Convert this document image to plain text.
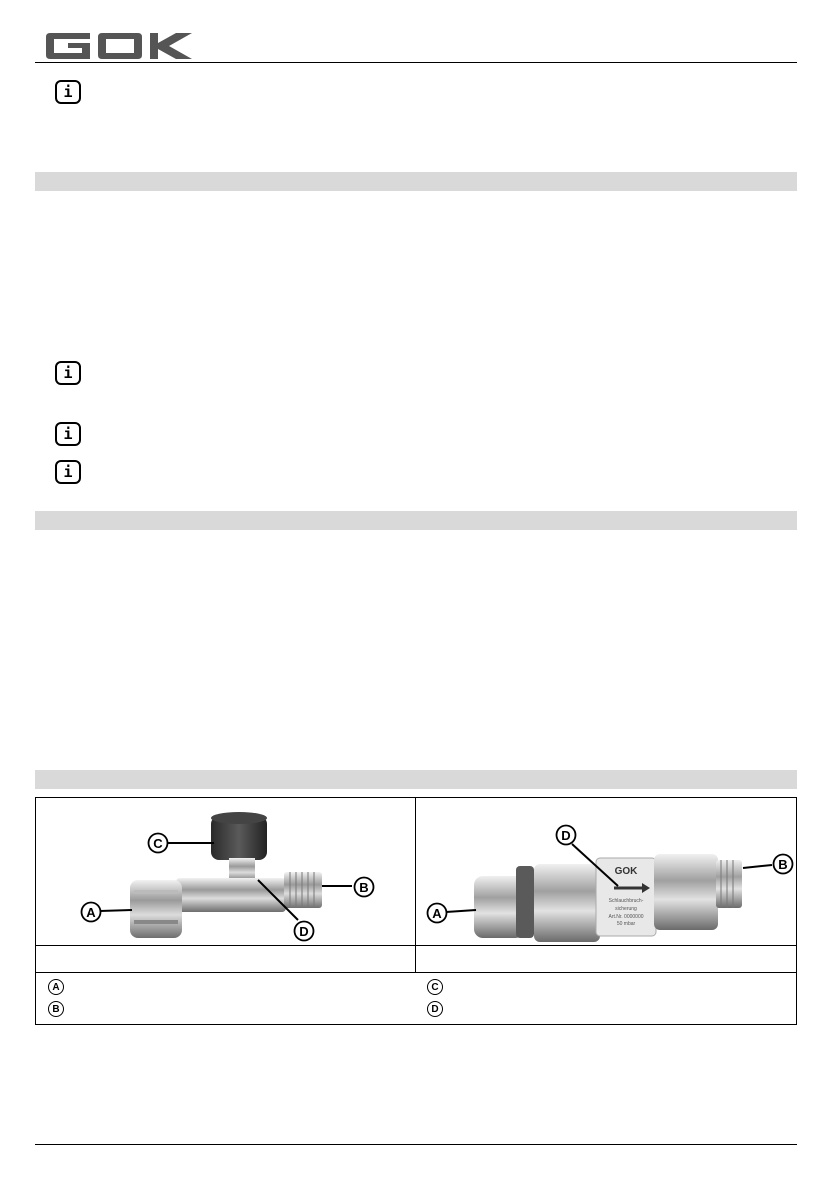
i
i
i
i
C
A
B
D
GOK
Schlauchbruch-
sicherung
Art.Nr. 0000000
50 mbar
A
D
B
A
B
C
D
